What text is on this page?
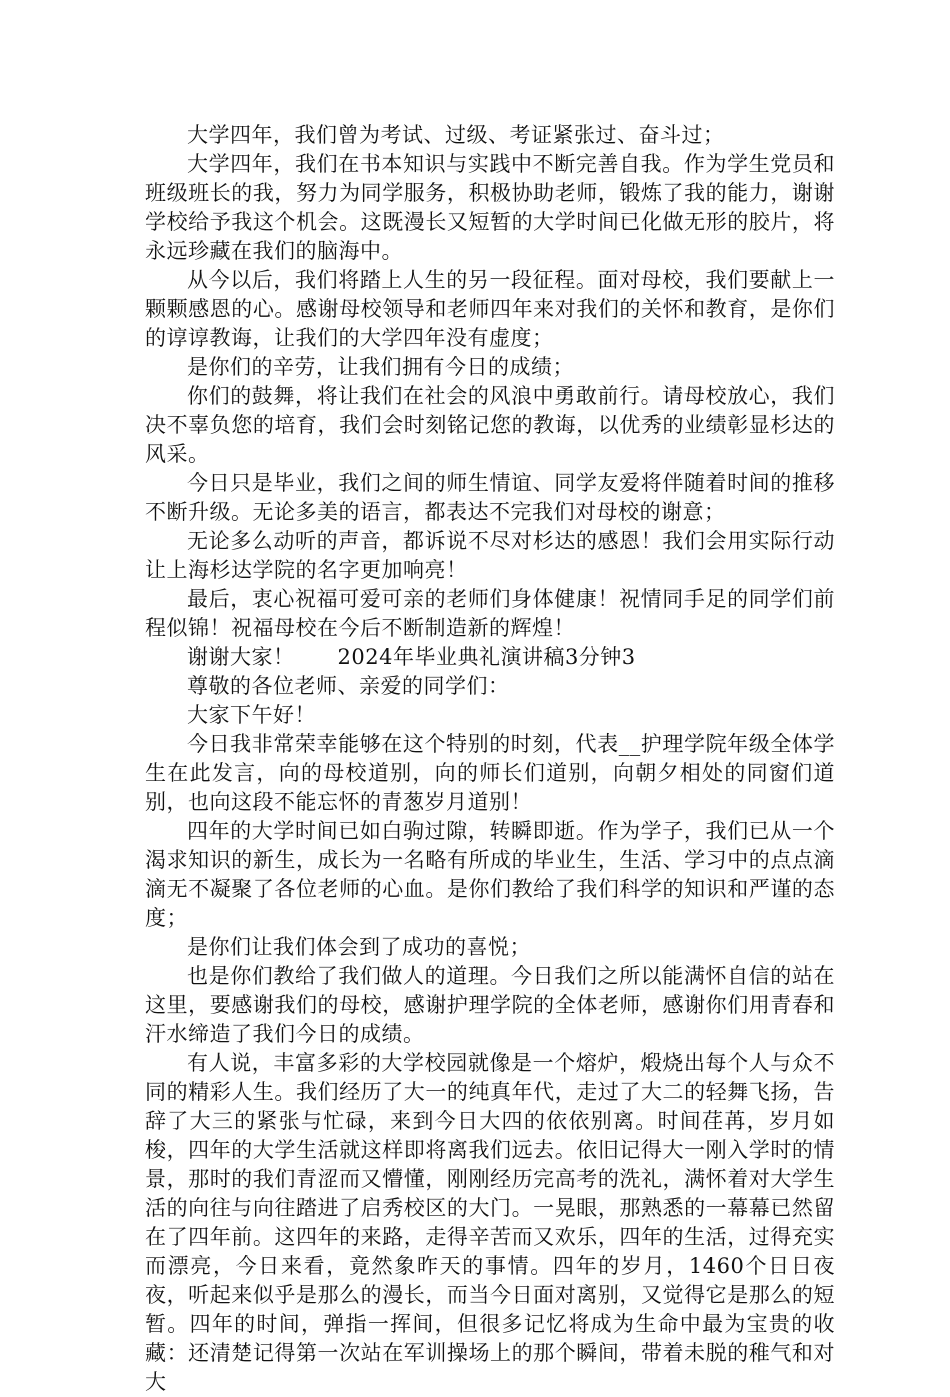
大学四年，我们曾为考试、过级、考证紧张过、奋斗过；

大学四年，我们在书本知识与实践中不断完善自我。作为学生党员和班级班长的我，努力为同学服务，积极协助老师，锻炼了我的能力，谢谢学校给予我这个机会。这既漫长又短暂的大学时间已化做无形的胶片，将永远珍藏在我们的脑海中。

从今以后，我们将踏上人生的另一段征程。面对母校，我们要献上一颗颗感恩的心。感谢母校领导和老师四年来对我们的关怀和教育，是你们的谆谆教诲，让我们的大学四年没有虚度；

是你们的辛劳，让我们拥有今日的成绩；

你们的鼓舞，将让我们在社会的风浪中勇敢前行。请母校放心，我们决不辜负您的培育，我们会时刻铭记您的教诲，以优秀的业绩彰显杉达的风采。

今日只是毕业，我们之间的师生情谊、同学友爱将伴随着时间的推移不断升级。无论多美的语言，都表达不完我们对母校的谢意；

无论多么动听的声音，都诉说不尽对杉达的感恩！我们会用实际行动让上海杉达学院的名字更加响亮！

最后，衷心祝福可爱可亲的老师们身体健康！祝情同手足的同学们前程似锦！祝福母校在今后不断制造新的辉煌！

谢谢大家！　　2024年毕业典礼演讲稿3分钟3

尊敬的各位老师、亲爱的同学们：

大家下午好！

今日我非常荣幸能够在这个特别的时刻，代表__护理学院年级全体学生在此发言，向的母校道别，向的师长们道别，向朝夕相处的同窗们道别，也向这段不能忘怀的青葱岁月道别！

四年的大学时间已如白驹过隙，转瞬即逝。作为学子，我们已从一个渴求知识的新生，成长为一名略有所成的毕业生，生活、学习中的点点滴滴无不凝聚了各位老师的心血。是你们教给了我们科学的知识和严谨的态度；

是你们让我们体会到了成功的喜悦；

也是你们教给了我们做人的道理。今日我们之所以能满怀自信的站在这里，要感谢我们的母校，感谢护理学院的全体老师，感谢你们用青春和汗水缔造了我们今日的成绩。

有人说，丰富多彩的大学校园就像是一个熔炉，煅烧出每个人与众不同的精彩人生。我们经历了大一的纯真年代，走过了大二的轻舞飞扬，告辞了大三的紧张与忙碌，来到今日大四的依依别离。时间荏苒，岁月如梭，四年的大学生活就这样即将离我们远去。依旧记得大一刚入学时的情景，那时的我们青涩而又懵懂，刚刚经历完高考的洗礼，满怀着对大学生活的向往与向往踏进了启秀校区的大门。一晃眼，那熟悉的一幕幕已然留在了四年前。这四年的来路，走得辛苦而又欢乐，四年的生活，过得充实而漂亮，今日来看，竟然象昨天的事情。四年的岁月，1460个日日夜夜，听起来似乎是那么的漫长，而当今日面对离别，又觉得它是那么的短暂。四年的时间，弹指一挥间，但很多记忆将成为生命中最为宝贵的收藏：还清楚记得第一次站在军训操场上的那个瞬间，带着未脱的稚气和对大
